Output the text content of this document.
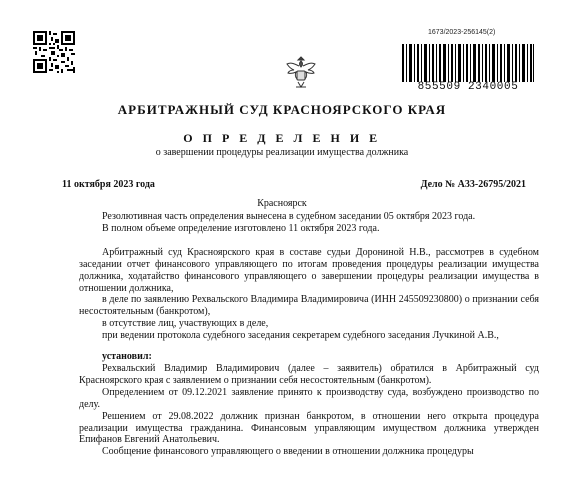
1673/2023-256145(2)
855509 2340005
АРБИТРАЖНЫЙ СУД КРАСНОЯРСКОГО КРАЯ
О П Р Е Д Е Л Е Н И Е
о завершении процедуры реализации имущества должника
11 октября 2023 года	Дело № А33-26795/2021
Красноярск

Резолютивная часть определения вынесена в судебном заседании 05 октября 2023 года.

В полном объеме определение изготовлено 11 октября 2023 года.

Арбитражный суд Красноярского края в составе судьи Дорониной Н.В., рассмотрев в судебном заседании отчет финансового управляющего по итогам проведения процедуры реализации имущества должника, ходатайство финансового управляющего о завершении процедуры реализации имущества в отношении должника,

в деле по заявлению Рехвальского Владимира Владимировича (ИНН 245509230800) о признании себя несостоятельным (банкротом),

в отсутствие лиц, участвующих в деле,

при ведении протокола судебного заседания секретарем судебного заседания Лучкиной А.В.,

установил:

Рехвальский Владимир Владимирович (далее – заявитель) обратился в Арбитражный суд Красноярского края с заявлением о признании себя несостоятельным (банкротом).

Определением от 09.12.2021 заявление принято к производству суда, возбуждено производство по делу.

Решением от 29.08.2022 должник признан банкротом, в отношении него открыта процедура реализации имущества гражданина. Финансовым управляющим имуществом должника утвержден Епифанов Евгений Анатольевич.

Сообщение финансового управляющего о введении в отношении должника процедуры
